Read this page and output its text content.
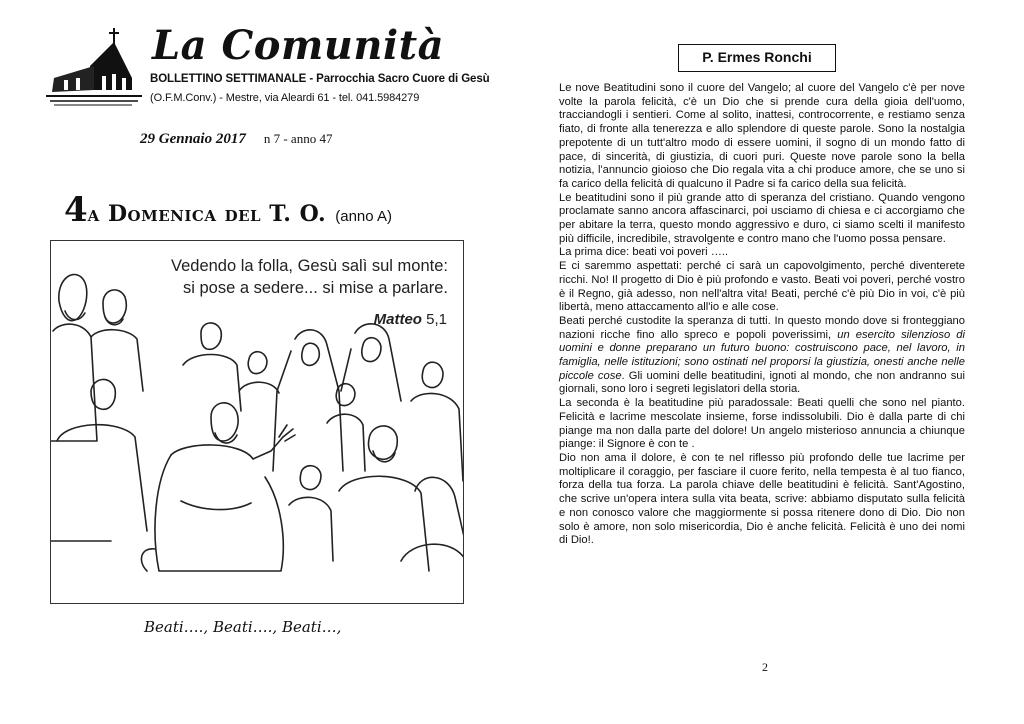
La Comunità
BOLLETTINO SETTIMANALE - Parrocchia Sacro Cuore di Gesù
(O.F.M.Conv.) - Mestre, via Aleardi 61 - tel. 041.5984279
29 Gennaio 2017 n 7 - anno 47
4a Domenica del T. O. (anno A)
Vedendo la folla, Gesù salì sul monte:
si pose a sedere... si mise a parlare.
Matteo 5,1
Beati…., Beati…., Beati…,
P. Ermes Ronchi

Le nove Beatitudini sono il cuore del Vangelo; al cuore del Vangelo c'è per nove volte la parola felicità, c'è un Dio che si prende cura della gioia dell'uomo, tracciandogli i sentieri. Come al solito, inattesi, controcorrente, e restiamo senza fiato, di fronte alla tenerezza e allo splendore di queste parole. Sono la nostalgia prepotente di un tutt'altro modo di essere uomini, il sogno di un mondo fatto di pace, di sincerità, di giustizia, di cuori puri. Queste nove parole sono la bella notizia, l'annuncio gioioso che Dio regala vita a chi produce amore, che se uno si fa carico della felicità di qualcuno il Padre si fa carico della sua felicità.

Le beatitudini sono il più grande atto di speranza del cristiano. Quando vengono proclamate sanno ancora affascinarci, poi usciamo di chiesa e ci accorgiamo che per abitare la terra, questo mondo aggressivo e duro, ci siamo scelti il manifesto più difficile, incredibile, stravolgente e contro mano che l'uomo possa pensare.

La prima dice: beati voi poveri …..

E ci saremmo aspettati: perché ci sarà un capovolgimento, perché diventerete ricchi. No! Il progetto di Dio è più profondo e vasto. Beati voi poveri, perché vostro è il Regno, già adesso, non nell'altra vita! Beati, perché c'è più Dio in voi, c'è più libertà, meno attaccamento all'io e alle cose.

Beati perché custodite la speranza di tutti. In questo mondo dove si fronteggiano nazioni ricche fino allo spreco e popoli poverissimi, un esercito silenzioso di uomini e donne preparano un futuro buono: costruiscono pace, nel lavoro, in famiglia, nelle istituzioni; sono ostinati nel proporsi la giustizia, onesti anche nelle piccole cose. Gli uomini delle beatitudini, ignoti al mondo, che non andranno sui giornali, sono loro i segreti legislatori della storia.

La seconda è la beatitudine più paradossale: Beati quelli che sono nel pianto. Felicità e lacrime mescolate insieme, forse indissolubili. Dio è dalla parte di chi piange ma non dalla parte del dolore! Un angelo misterioso annuncia a chiunque piange: il Signore è con te .

Dio non ama il dolore, è con te nel riflesso più profondo delle tue lacrime per moltiplicare il coraggio, per fasciare il cuore ferito, nella tempesta è al tuo fianco, forza della tua forza. La parola chiave delle beatitudini è felicità. Sant'Agostino, che scrive un'opera intera sulla vita beata, scrive: abbiamo disputato sulla felicità e non conosco valore che maggiormente si possa ritenere dono di Dio. Dio non solo è amore, non solo misericordia, Dio è anche felicità. Felicità è uno dei nomi di Dio!.

2
